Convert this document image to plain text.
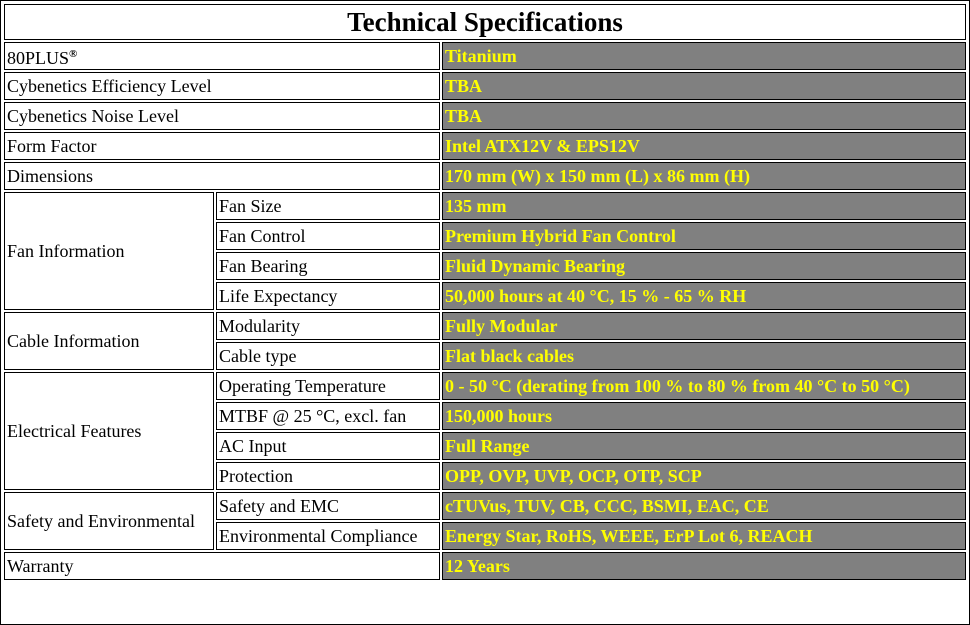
Technical Specifications		
80PLUS®		Titanium
Cybenetics Efficiency Level		TBA
Cybenetics Noise Level		TBA
Form Factor		Intel ATX12V & EPS12V
Dimensions		170 mm (W) x 150 mm (L) x 86 mm (H)
Fan Information	Fan Size	135 mm
	Fan Control	Premium Hybrid Fan Control
	Fan Bearing	Fluid Dynamic Bearing
	Life Expectancy	50,000 hours at 40 °C, 15 % - 65 % RH
Cable Information	Modularity	Fully Modular
	Cable type	Flat black cables
Electrical Features	Operating Temperature	0 - 50 °C (derating from 100 % to 80 % from 40 °C to 50 °C)
	MTBF @ 25 °C, excl. fan	150,000 hours
	AC Input	Full Range
	Protection	OPP, OVP, UVP, OCP, OTP, SCP
Safety and Environmental	Safety and EMC	cTUVus, TUV, CB, CCC, BSMI, EAC, CE
	Environmental Compliance	Energy Star, RoHS, WEEE, ErP Lot 6, REACH
Warranty		12 Years
